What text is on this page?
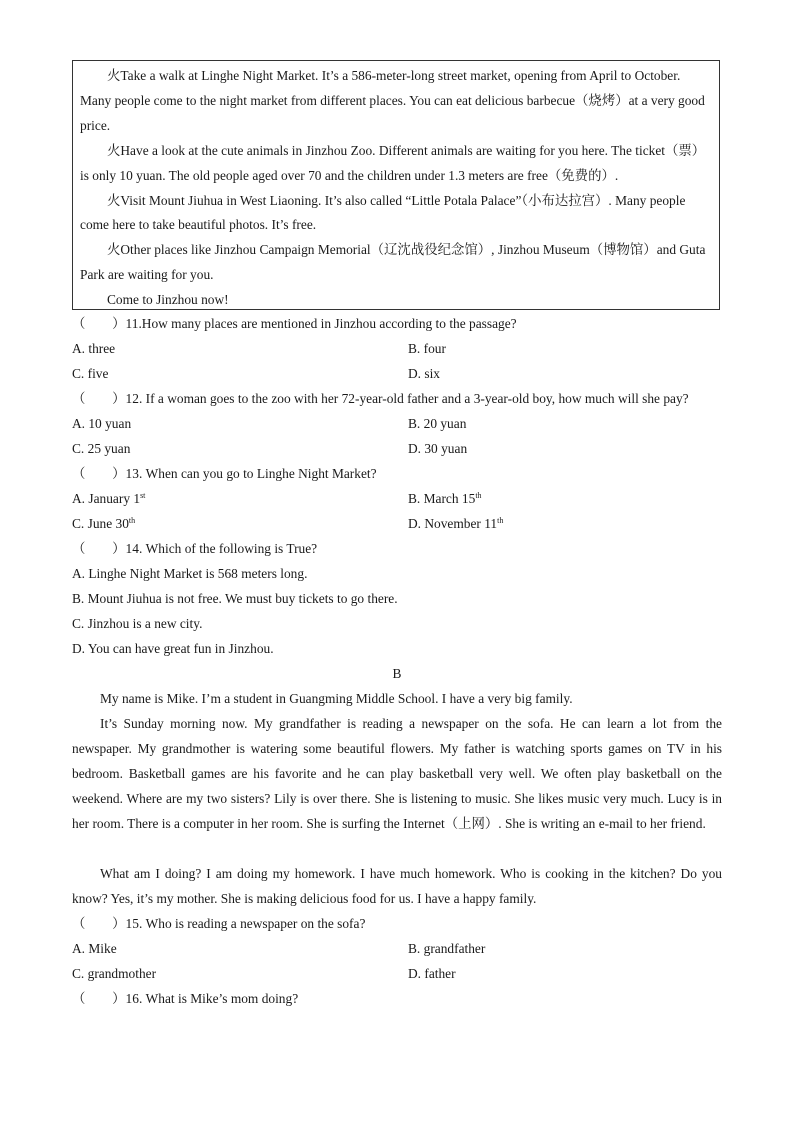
火Take a walk at Linghe Night Market. It’s a 586-meter-long street market, opening from April to October. Many people come to the night market from different places. You can eat delicious barbecue（烧烤）at a very good price.

火Have a look at the cute animals in Jinzhou Zoo. Different animals are waiting for you here. The ticket（票）is only 10 yuan. The old people aged over 70 and the children under 1.3 meters are free（免费的）.

火Visit Mount Jiuhua in West Liaoning. It’s also called “Little Potala Palace”（小布达拉宫）. Many people come here to take beautiful photos. It’s free.

火Other places like Jinzhou Campaign Memorial（辽沈战役纪念馆）, Jinzhou Museum（博物馆）and Guta Park are waiting for you.

Come to Jinzhou now!

（　　）11.How many places are mentioned in Jinzhou according to the passage?
A. three	B. four
C. five	D. six
（　　）12. If a woman goes to the zoo with her 72-year-old father and a 3-year-old boy, how much will she pay?
A. 10 yuan	B. 20 yuan
C. 25 yuan	D. 30 yuan
（　　）13. When can you go to Linghe Night Market?
A. January 1st	B. March 15th
C. June 30th	D. November 11th
（　　）14. Which of the following is True?
A. Linghe Night Market is 568 meters long.
B. Mount Jiuhua is not free. We must buy tickets to go there.
C. Jinzhou is a new city.
D. You can have great fun in Jinzhou.
B

My name is Mike. I’m a student in Guangming Middle School. I have a very big family.

It’s Sunday morning now. My grandfather is reading a newspaper on the sofa. He can learn a lot from the newspaper. My grandmother is watering some beautiful flowers. My father is watching sports games on TV in his bedroom. Basketball games are his favorite and he can play basketball very well. We often play basketball on the weekend. Where are my two sisters? Lily is over there. She is listening to music. She likes music very much. Lucy is in her room. There is a computer in her room. She is surfing the Internet（上网）. She is writing an e-mail to her friend.

What am I doing? I am doing my homework. I have much homework. Who is cooking in the kitchen? Do you know? Yes, it’s my mother. She is making delicious food for us. I have a happy family.

（　　）15. Who is reading a newspaper on the sofa?
A. Mike	B. grandfather
C. grandmother	D. father
（　　）16. What is Mike’s mom doing?
